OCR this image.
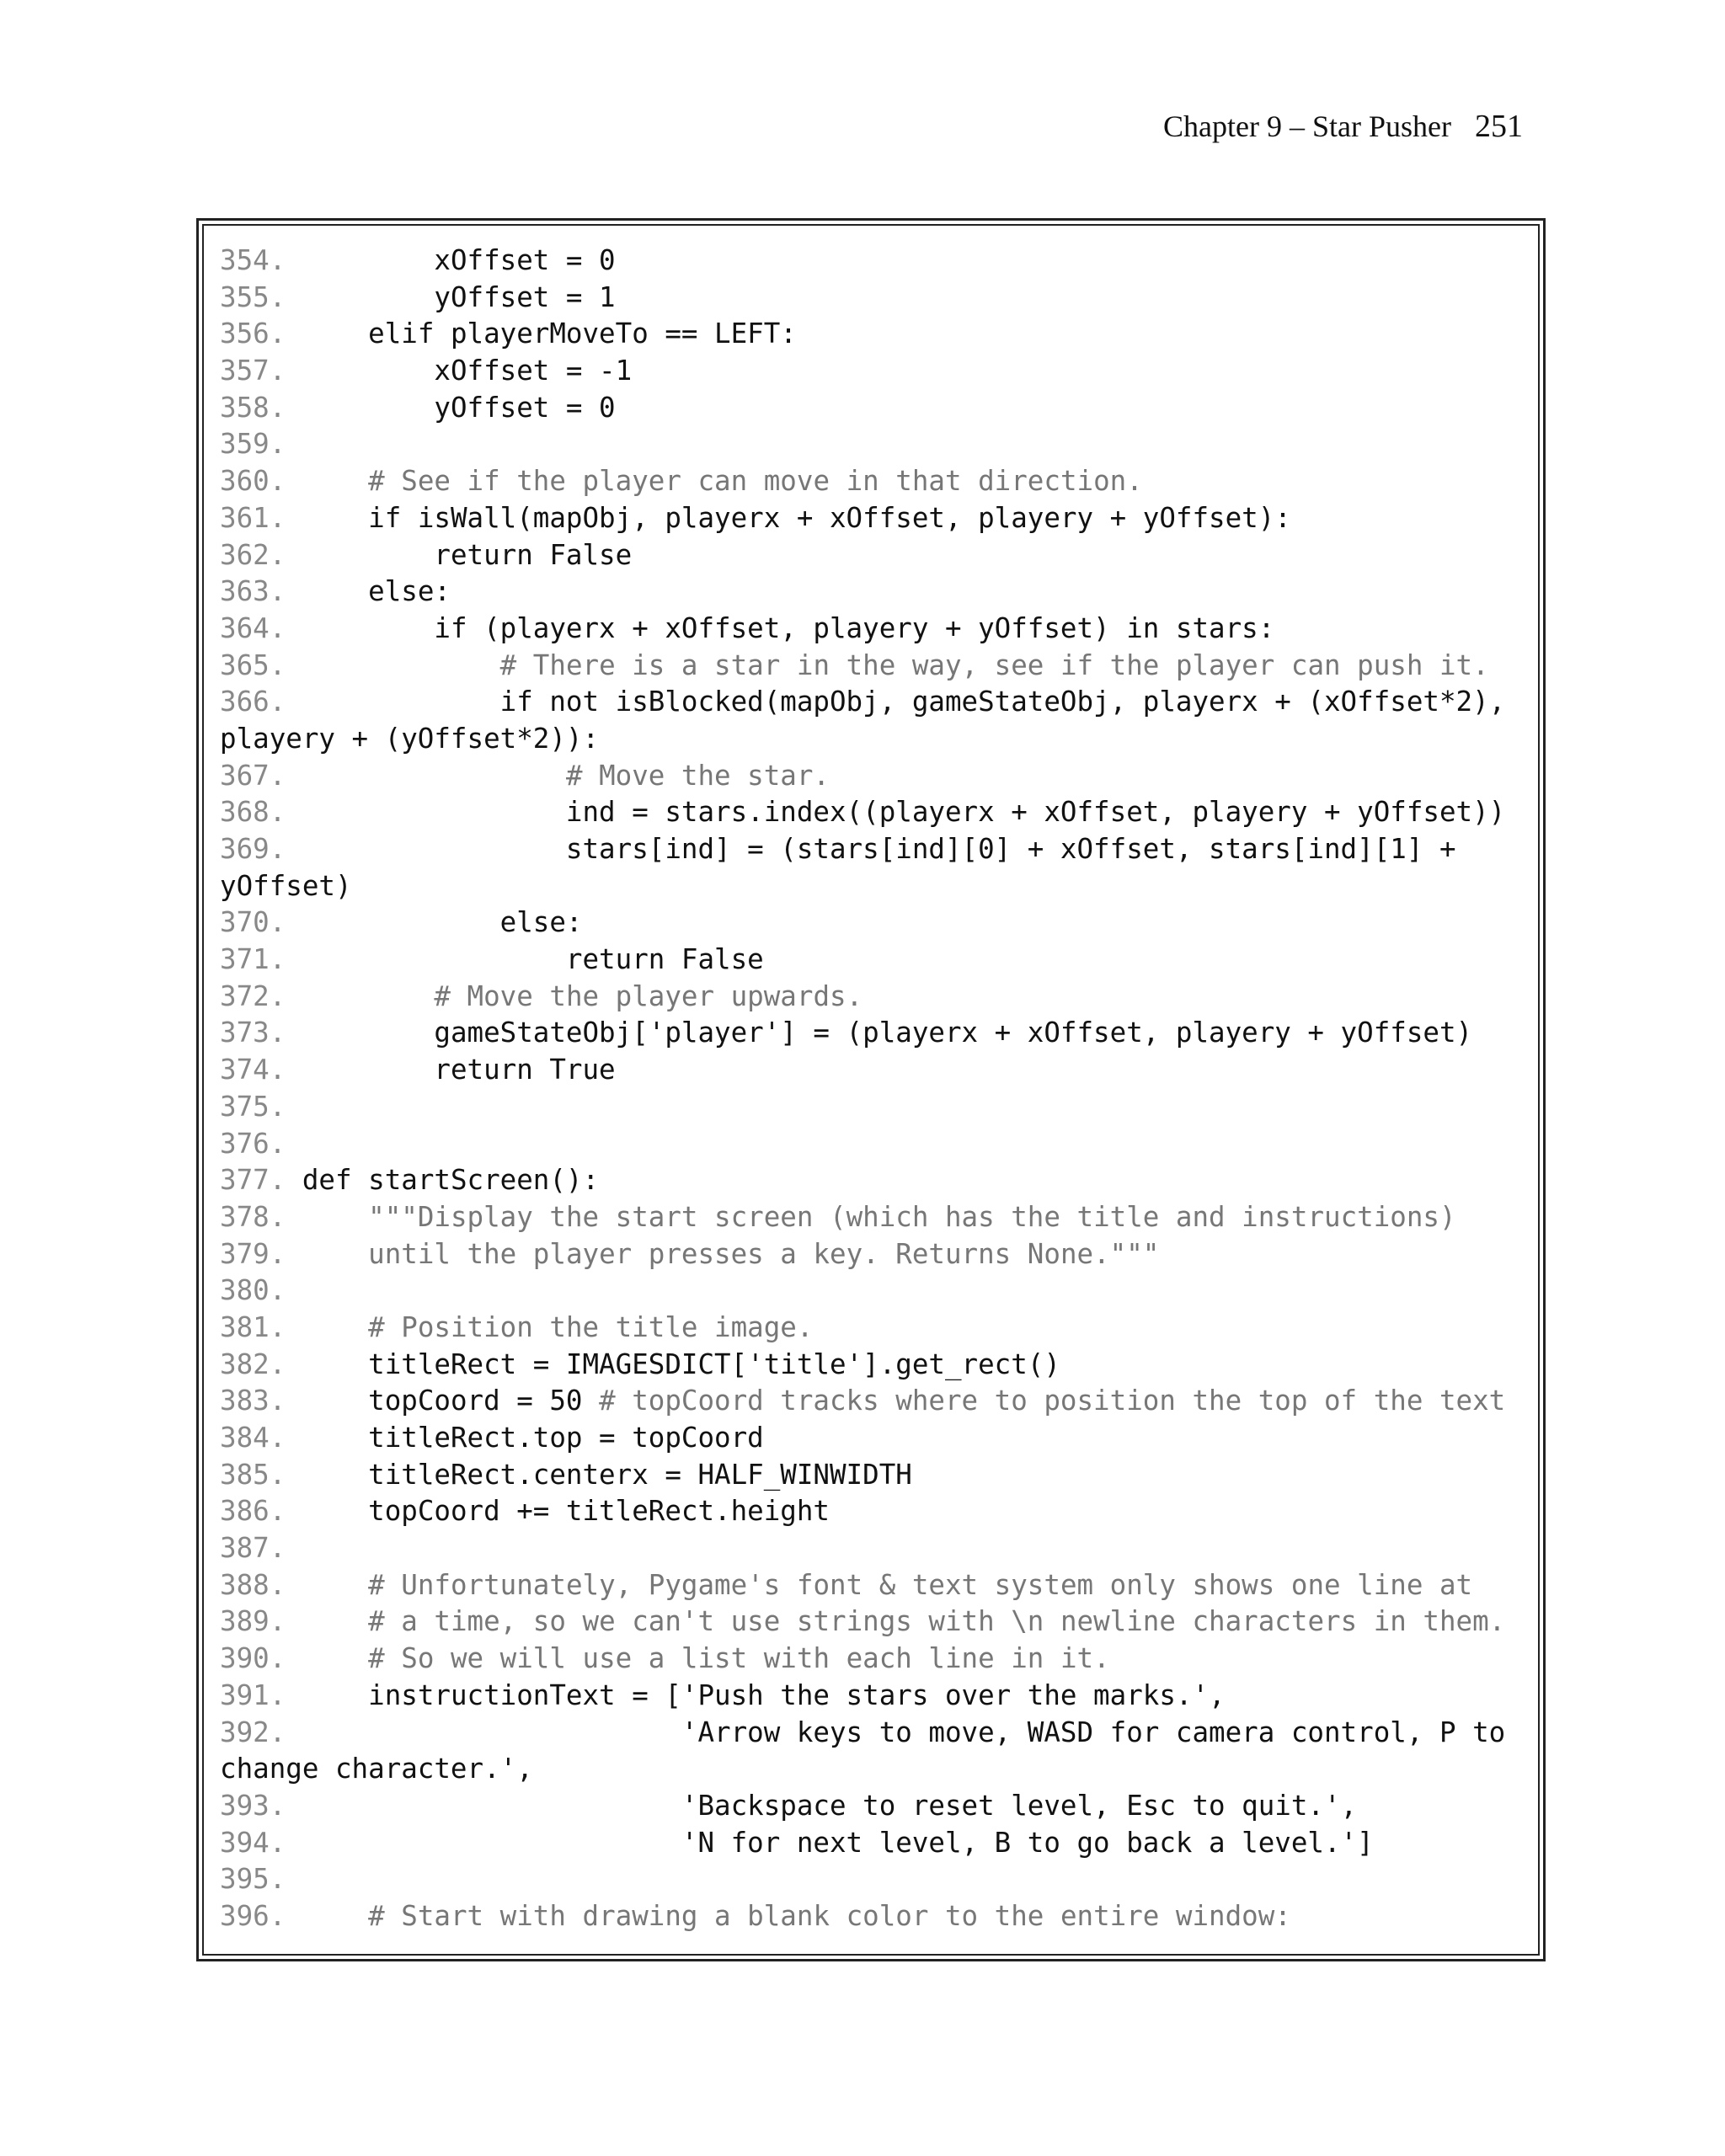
Chapter 9 – Star Pusher 251
354.         xOffset = 0
355.         yOffset = 1
356.     elif playerMoveTo == LEFT:
357.         xOffset = -1
358.         yOffset = 0
359.
360.	# See if the player can move in that direction.
361.     if isWall(mapObj, playerx + xOffset, playery + yOffset):
362.         return False
363.     else:
364.         if (playerx + xOffset, playery + yOffset) in stars:
365.	# There is a star in the way, see if the player can push it.
366.             if not isBlocked(mapObj, gameStateObj, playerx + (xOffset*2),
playery + (yOffset*2)):
367.	# Move the star.
368.                 ind = stars.index((playerx + xOffset, playery + yOffset))
369.                 stars[ind] = (stars[ind][0] + xOffset, stars[ind][1] +
yOffset)
370.             else:
371.                 return False
372.	# Move the player upwards.
373.         gameStateObj['player'] = (playerx + xOffset, playery + yOffset)
374.         return True
375.
376.
377. def startScreen():
378.	"""Display the start screen (which has the title and instructions)
379.	until the player presses a key. Returns None."""
380.
381.	# Position the title image.
382.     titleRect = IMAGESDICT['title'].get_rect()
383.     topCoord = 50 # topCoord tracks where to position the top of the text
384.     titleRect.top = topCoord
385.     titleRect.centerx = HALF_WINWIDTH
386.     topCoord += titleRect.height
387.
388.	# Unfortunately, Pygame's font & text system only shows one line at
389.	# a time, so we can't use strings with \n newline characters in them.
390.	# So we will use a list with each line in it.
391.     instructionText = ['Push the stars over the marks.',
392.                        'Arrow keys to move, WASD for camera control, P to
change character.',
393.                        'Backspace to reset level, Esc to quit.',
394.                        'N for next level, B to go back a level.']
395.
396.	# Start with drawing a blank color to the entire window:
